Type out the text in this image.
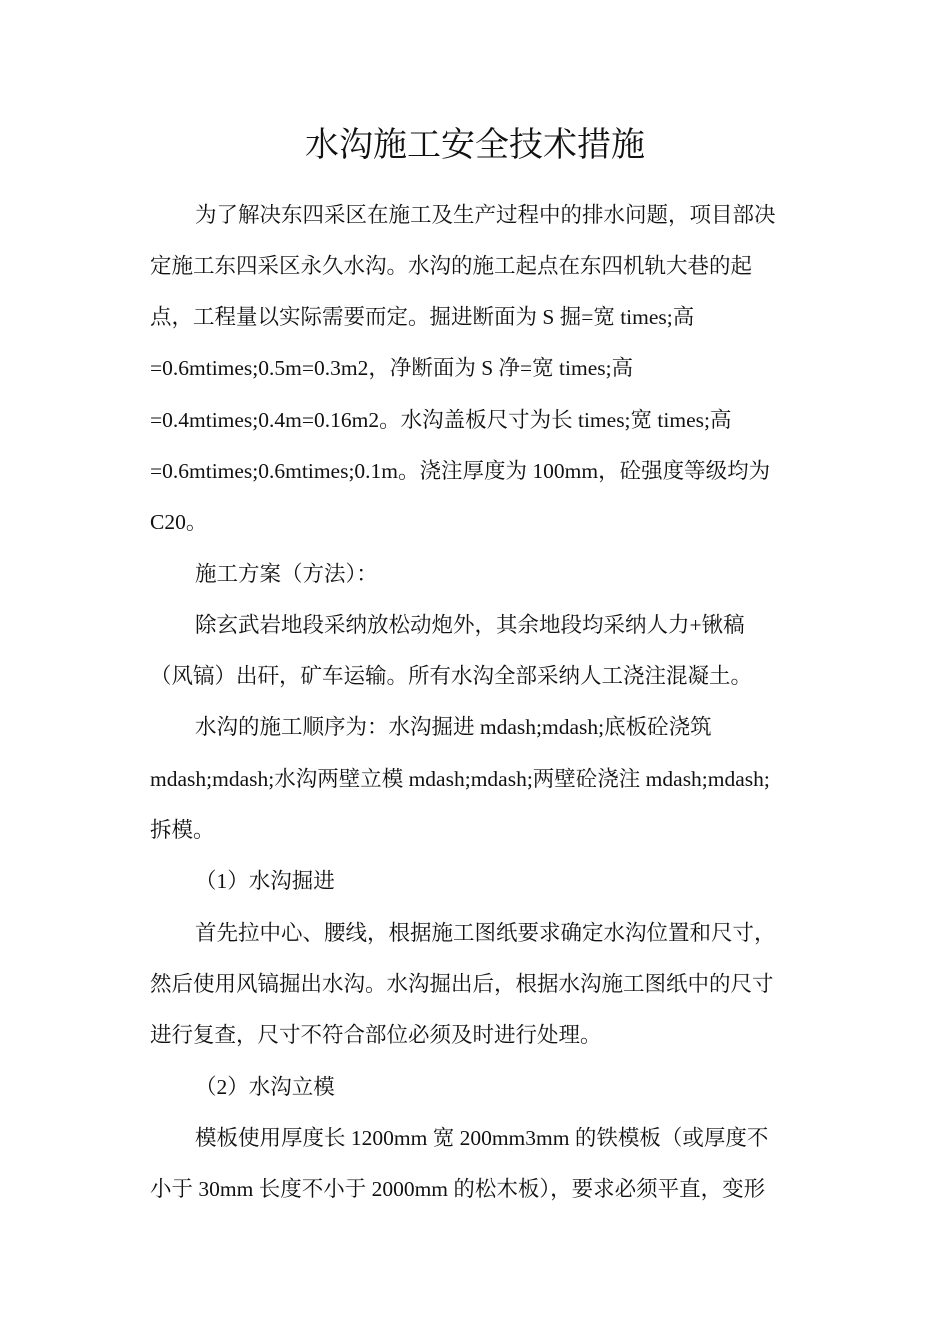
水沟施工安全技术措施

为了解决东四采区在施工及生产过程中的排水问题，项目部决

定施工东四采区永久水沟。水沟的施工起点在东四机轨大巷的起

点，工程量以实际需要而定。掘进断面为 S 掘=宽 times;高

=0.6mtimes;0.5m=0.3m2，净断面为 S 净=宽 times;高

=0.4mtimes;0.4m=0.16m2。水沟盖板尺寸为长 times;宽 times;高

=0.6mtimes;0.6mtimes;0.1m。浇注厚度为 100mm，砼强度等级均为

C20。

施工方案（方法）：

除玄武岩地段采纳放松动炮外，其余地段均采纳人力+锹稿

（风镐）出矸，矿车运输。所有水沟全部采纳人工浇注混凝土。

水沟的施工顺序为：水沟掘进 mdash;mdash;底板砼浇筑

mdash;mdash;水沟两壁立模 mdash;mdash;两壁砼浇注 mdash;mdash;

拆模。

（1）水沟掘进

首先拉中心、腰线，根据施工图纸要求确定水沟位置和尺寸，

然后使用风镐掘出水沟。水沟掘出后，根据水沟施工图纸中的尺寸

进行复查，尺寸不符合部位必须及时进行处理。

（2）水沟立模

模板使用厚度长 1200mm 宽 200mm3mm 的铁模板（或厚度不

小于 30mm 长度不小于 2000mm 的松木板），要求必须平直，变形
